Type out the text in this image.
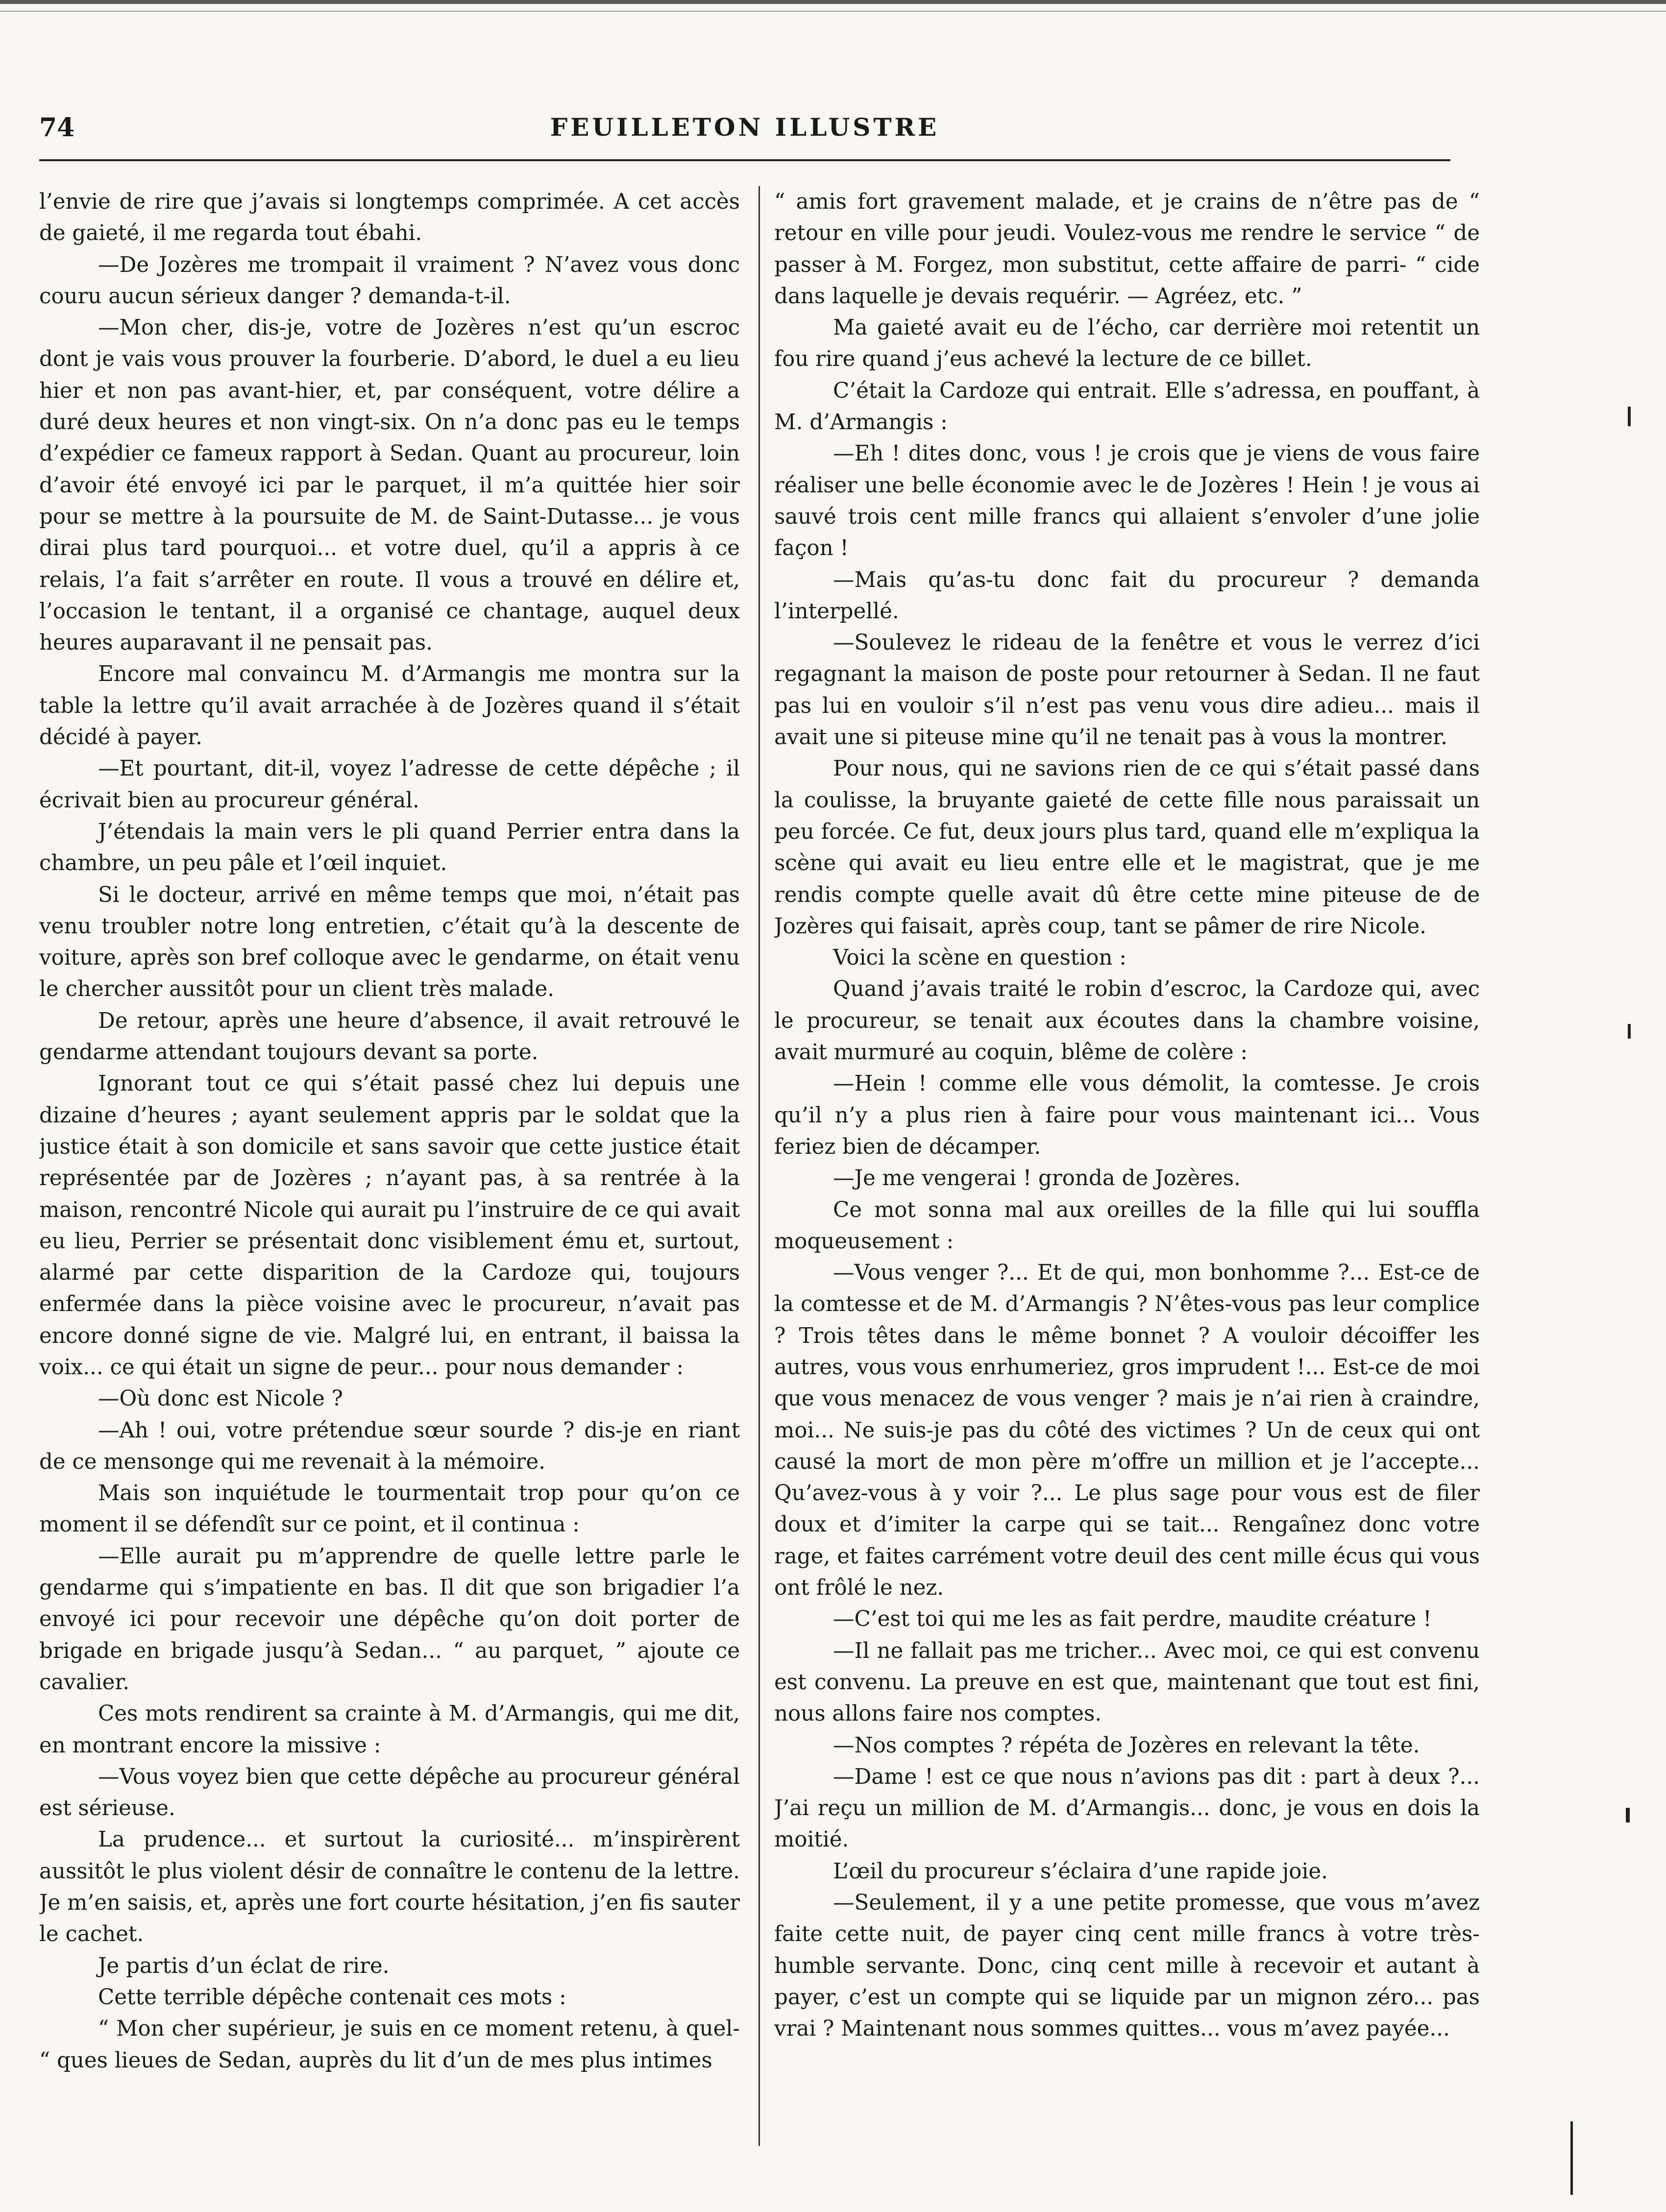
74	FEUILLETON ILLUSTRE

l’envie de rire que j’avais si longtemps comprimée. A cet accès de gaieté, il me regarda tout ébahi.

—De Jozères me trompait il vraiment ? N’avez vous donc couru aucun sérieux danger ? demanda-t-il.

—Mon cher, dis-je, votre de Jozères n’est qu’un escroc dont je vais vous prouver la fourberie. D’abord, le duel a eu lieu hier et non pas avant-hier, et, par conséquent, votre délire a duré deux heures et non vingt-six. On n’a donc pas eu le temps d’expédier ce fameux rapport à Sedan. Quant au procureur, loin d’avoir été envoyé ici par le parquet, il m’a quittée hier soir pour se mettre à la poursuite de M. de Saint-Dutasse... je vous dirai plus tard pourquoi... et votre duel, qu’il a appris à ce relais, l’a fait s’arrêter en route. Il vous a trouvé en délire et, l’occasion le tentant, il a organisé ce chantage, auquel deux heures auparavant il ne pensait pas.

Encore mal convaincu M. d’Armangis me montra sur la table la lettre qu’il avait arrachée à de Jozères quand il s’était décidé à payer.

—Et pourtant, dit-il, voyez l’adresse de cette dépêche ; il écrivait bien au procureur général.

J’étendais la main vers le pli quand Perrier entra dans la chambre, un peu pâle et l’œil inquiet.

Si le docteur, arrivé en même temps que moi, n’était pas venu troubler notre long entretien, c’était qu’à la descente de voiture, après son bref colloque avec le gendarme, on était venu le chercher aussitôt pour un client très malade.

De retour, après une heure d’absence, il avait retrouvé le gendarme attendant toujours devant sa porte.

Ignorant tout ce qui s’était passé chez lui depuis une dizaine d’heures ; ayant seulement appris par le soldat que la justice était à son domicile et sans savoir que cette justice était représentée par de Jozères ; n’ayant pas, à sa rentrée à la maison, rencontré Nicole qui aurait pu l’instruire de ce qui avait eu lieu, Perrier se présentait donc visiblement ému et, surtout, alarmé par cette disparition de la Cardoze qui, toujours enfermée dans la pièce voisine avec le procureur, n’avait pas encore donné signe de vie. Malgré lui, en entrant, il baissa la voix... ce qui était un signe de peur... pour nous demander :

—Où donc est Nicole ?

—Ah ! oui, votre prétendue sœur sourde ? dis-je en riant de ce mensonge qui me revenait à la mémoire.

Mais son inquiétude le tourmentait trop pour qu’on ce moment il se défendît sur ce point, et il continua :

—Elle aurait pu m’apprendre de quelle lettre parle le gendarme qui s’impatiente en bas. Il dit que son brigadier l’a envoyé ici pour recevoir une dépêche qu’on doit porter de brigade en brigade jusqu’à Sedan... “ au parquet, ” ajoute ce cavalier.

Ces mots rendirent sa crainte à M. d’Armangis, qui me dit, en montrant encore la missive :

—Vous voyez bien que cette dépêche au procureur général est sérieuse.

La prudence... et surtout la curiosité... m’inspirèrent aussitôt le plus violent désir de connaître le contenu de la lettre. Je m’en saisis, et, après une fort courte hésitation, j’en fis sauter le cachet.

Je partis d’un éclat de rire.

Cette terrible dépêche contenait ces mots :

“ Mon cher supérieur, je suis en ce moment retenu, à quel- “ ques lieues de Sedan, auprès du lit d’un de mes plus intimes

“ amis fort gravement malade, et je crains de n’être pas de “ retour en ville pour jeudi. Voulez-vous me rendre le service “ de passer à M. Forgez, mon substitut, cette affaire de parri- “ cide dans laquelle je devais requérir. — Agréez, etc. ”

Ma gaieté avait eu de l’écho, car derrière moi retentit un fou rire quand j’eus achevé la lecture de ce billet.

C’était la Cardoze qui entrait. Elle s’adressa, en pouffant, à M. d’Armangis :

—Eh ! dites donc, vous ! je crois que je viens de vous faire réaliser une belle économie avec le de Jozères ! Hein ! je vous ai sauvé trois cent mille francs qui allaient s’envoler d’une jolie façon !

—Mais qu’as-tu donc fait du procureur ? demanda l’interpellé.

—Soulevez le rideau de la fenêtre et vous le verrez d’ici regagnant la maison de poste pour retourner à Sedan. Il ne faut pas lui en vouloir s’il n’est pas venu vous dire adieu... mais il avait une si piteuse mine qu’il ne tenait pas à vous la montrer.

Pour nous, qui ne savions rien de ce qui s’était passé dans la coulisse, la bruyante gaieté de cette fille nous paraissait un peu forcée. Ce fut, deux jours plus tard, quand elle m’expliqua la scène qui avait eu lieu entre elle et le magistrat, que je me rendis compte quelle avait dû être cette mine piteuse de de Jozères qui faisait, après coup, tant se pâmer de rire Nicole.

Voici la scène en question :

Quand j’avais traité le robin d’escroc, la Cardoze qui, avec le procureur, se tenait aux écoutes dans la chambre voisine, avait murmuré au coquin, blême de colère :

—Hein ! comme elle vous démolit, la comtesse. Je crois qu’il n’y a plus rien à faire pour vous maintenant ici... Vous feriez bien de décamper.

—Je me vengerai ! gronda de Jozères.

Ce mot sonna mal aux oreilles de la fille qui lui souffla moqueusement :

—Vous venger ?... Et de qui, mon bonhomme ?... Est-ce de la comtesse et de M. d’Armangis ? N’êtes-vous pas leur complice ? Trois têtes dans le même bonnet ? A vouloir décoiffer les autres, vous vous enrhumeriez, gros imprudent !... Est-ce de moi que vous menacez de vous venger ? mais je n’ai rien à craindre, moi... Ne suis-je pas du côté des victimes ? Un de ceux qui ont causé la mort de mon père m’offre un million et je l’accepte... Qu’avez-vous à y voir ?... Le plus sage pour vous est de filer doux et d’imiter la carpe qui se tait... Rengaînez donc votre rage, et faites carrément votre deuil des cent mille écus qui vous ont frôlé le nez.

—C’est toi qui me les as fait perdre, maudite créature !

—Il ne fallait pas me tricher... Avec moi, ce qui est convenu est convenu. La preuve en est que, maintenant que tout est fini, nous allons faire nos comptes.

—Nos comptes ? répéta de Jozères en relevant la tête.

—Dame ! est ce que nous n’avions pas dit : part à deux ?... J’ai reçu un million de M. d’Armangis... donc, je vous en dois la moitié.

L’œil du procureur s’éclaira d’une rapide joie.

—Seulement, il y a une petite promesse, que vous m’avez faite cette nuit, de payer cinq cent mille francs à votre très-humble servante. Donc, cinq cent mille à recevoir et autant à payer, c’est un compte qui se liquide par un mignon zéro... pas vrai ? Maintenant nous sommes quittes... vous m’avez payée...
